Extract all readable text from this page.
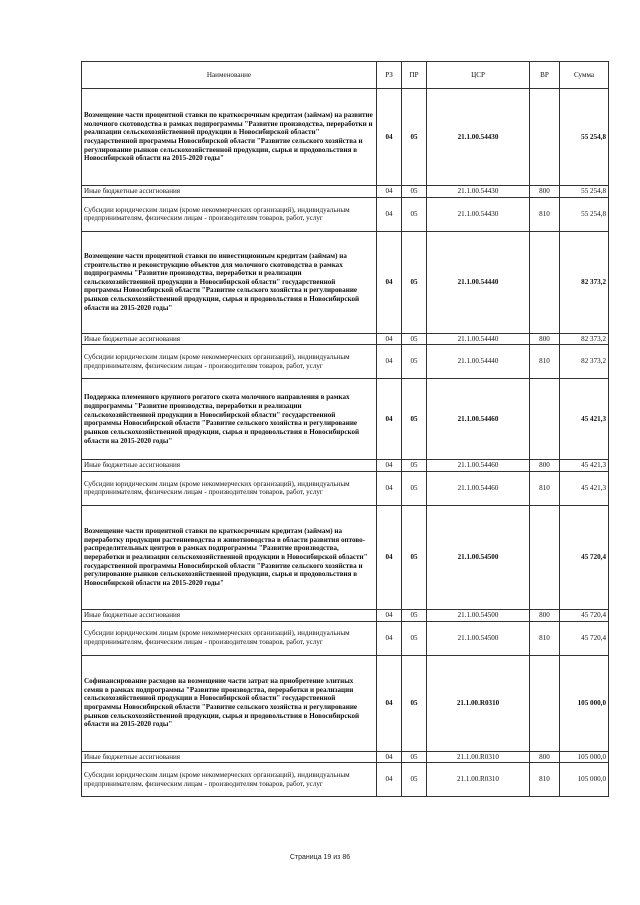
Наименование	РЗ	ПР	ЦСР	ВР	Сумма
Возмещение части процентной ставки по краткосрочным кредитам (займам) на развитие молочного скотоводства в рамках подпрограммы "Развитие производства, переработки и реализации сельскохозяйственной продукции в Новосибирской области" государственной программы Новосибирской области "Развитие сельского хозяйства и регулирование рынков сельскохозяйственной продукции, сырья и продовольствия в Новосибирской области на 2015-2020 годы"	04	05	21.1.00.54430		55 254,8
Иные бюджетные ассигнования	04	05	21.1.00.54430	800	55 254,8
Субсидии юридическим лицам (кроме некоммерческих организаций), индивидуальным предпринимателям, физическим лицам - производителям товаров, работ, услуг	04	05	21.1.00.54430	810	55 254,8
Возмещение части процентной ставки по инвестиционным кредитам (займам) на строительство и реконструкцию объектов для молочного скотоводства в рамках подпрограммы "Развитие производства, переработки и реализации сельскохозяйственной продукции в Новосибирской области" государственной программы Новосибирской области "Развитие сельского хозяйства и регулирование рынков сельскохозяйственной продукции, сырья и продовольствия в Новосибирской области на 2015-2020 годы"	04	05	21.1.00.54440		82 373,2
Иные бюджетные ассигнования	04	05	21.1.00.54440	800	82 373,2
Субсидии юридическим лицам (кроме некоммерческих организаций), индивидуальным предпринимателям, физическим лицам - производителям товаров, работ, услуг	04	05	21.1.00.54440	810	82 373,2
Поддержка племенного крупного рогатого скота молочного направления в рамках подпрограммы "Развитие производства, переработки и реализации сельскохозяйственной продукции в Новосибирской области" государственной программы Новосибирской области "Развитие сельского хозяйства и регулирование рынков сельскохозяйственной продукции, сырья и продовольствия в Новосибирской области на 2015-2020 годы"	04	05	21.1.00.54460		45 421,3
Иные бюджетные ассигнования	04	05	21.1.00.54460	800	45 421,3
Субсидии юридическим лицам (кроме некоммерческих организаций), индивидуальным предпринимателям, физическим лицам - производителям товаров, работ, услуг	04	05	21.1.00.54460	810	45 421,3
Возмещение части процентной ставки по краткосрочным кредитам (займам) на переработку продукции растениеводства и животноводства в области развития оптово-распределительных центров в рамках подпрограммы "Развитие производства, переработки и реализации сельскохозяйственной продукции в Новосибирской области" государственной программы Новосибирской области "Развитие сельского хозяйства и регулирование рынков сельскохозяйственной продукции, сырья и продовольствия в Новосибирской области на 2015-2020 годы"	04	05	21.1.00.54500		45 720,4
Иные бюджетные ассигнования	04	05	21.1.00.54500	800	45 720,4
Субсидии юридическим лицам (кроме некоммерческих организаций), индивидуальным предпринимателям, физическим лицам - производителям товаров, работ, услуг	04	05	21.1.00.54500	810	45 720,4
Софинансирование расходов на возмещение части затрат на приобретение элитных семян в рамках подпрограммы "Развитие производства, переработки и реализации сельскохозяйственной продукции в Новосибирской области" государственной программы Новосибирской области "Развитие сельского хозяйства и регулирование рынков сельскохозяйственной продукции, сырья и продовольствия в Новосибирской области на 2015-2020 годы"	04	05	21.1.00.R0310		105 000,0
Иные бюджетные ассигнования	04	05	21.1.00.R0310	800	105 000,0
Субсидии юридическим лицам (кроме некоммерческих организаций), индивидуальным предпринимателям, физическим лицам - производителям товаров, работ, услуг	04	05	21.1.00.R0310	810	105 000,0
Страница 19 из 86
